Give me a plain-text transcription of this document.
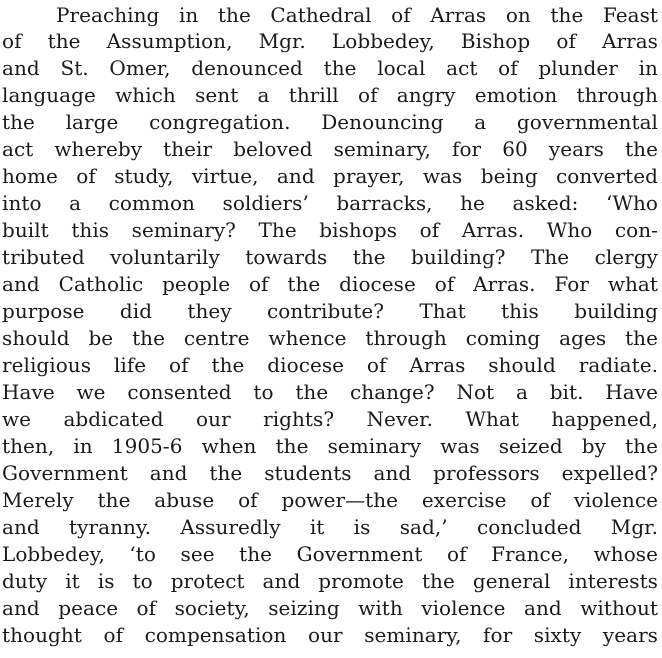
Preaching in the Cathedral of Arras on the Feast
of the Assumption, Mgr. Lobbedey, Bishop of Arras
and St. Omer, denounced the local act of plunder in
language which sent a thrill of angry emotion through
the large congregation. Denouncing a governmental
act whereby their beloved seminary, for 60 years the
home of study, virtue, and prayer, was being converted
into a common soldiers’ barracks, he asked: ‘Who
built this seminary? The bishops of Arras. Who con-
tributed voluntarily towards the building? The clergy
and Catholic people of the diocese of Arras. For what
purpose did they contribute? That this building
should be the centre whence through coming ages the
religious life of the diocese of Arras should radiate.
Have we consented to the change? Not a bit. Have
we abdicated our rights? Never. What happened,
then, in 1905-6 when the seminary was seized by the
Government and the students and professors expelled?
Merely the abuse of power—the exercise of violence
and tyranny. Assuredly it is sad,’ concluded Mgr.
Lobbedey, ‘to see the Government of France, whose
duty it is to protect and promote the general interests
and peace of society, seizing with violence and without
thought of compensation our seminary, for sixty years
